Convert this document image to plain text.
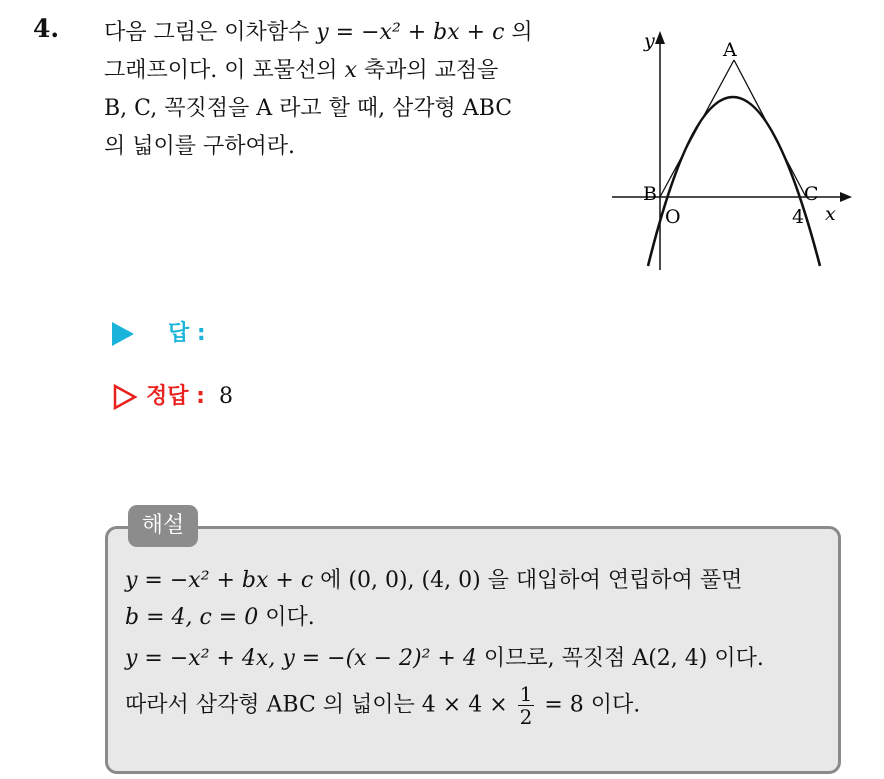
4. 다음 그림은 이차함수 y = −x² + bx + c 의
그래프이다. 이 포물선의 x 축과의 교점을
B, C, 꼭짓점을 A 라고 할 때, 삼각형 ABC
의 넓이를 구하여라.
y
x
A
B	C
O	4
답 :
정답 : 8
해설
y = −x² + bx + c 에 (0, 0), (4, 0) 을 대입하여 연립하여 풀면
b = 4, c = 0 이다.
y = −x² + 4x, y = −(x − 2)² + 4 이므로, 꼭짓점 A(2, 4) 이다.
따라서 삼각형 ABC 의 넓이는 $4 \times 4 \times \frac{1}{2} = 8$ 이다.
